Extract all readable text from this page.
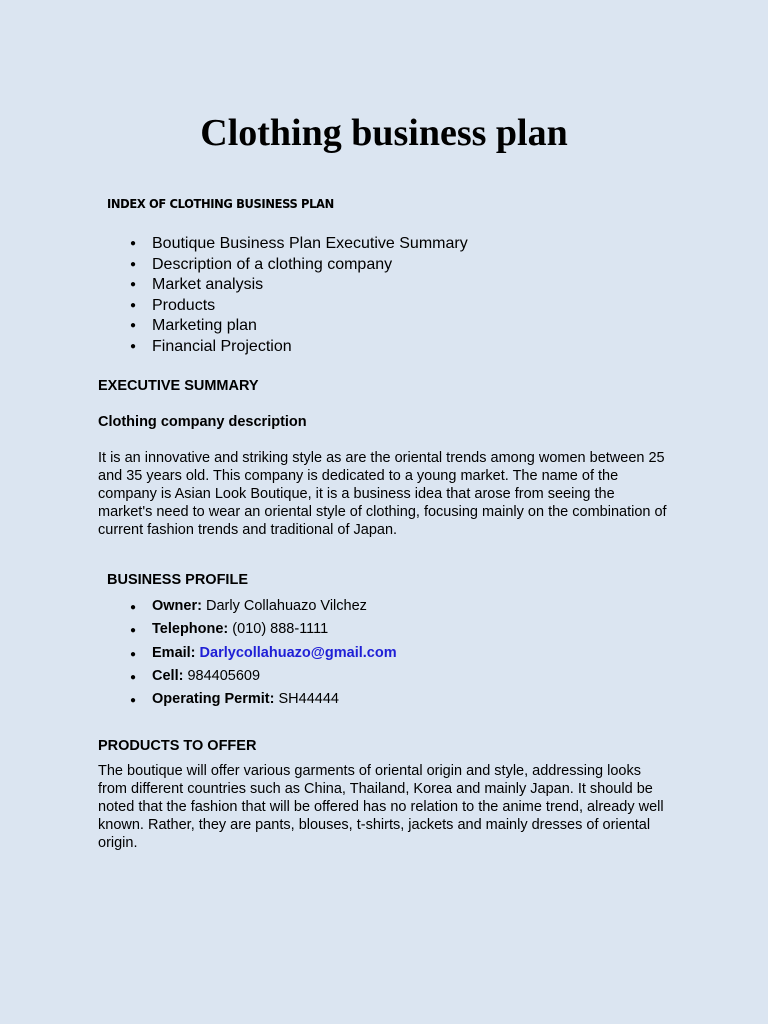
Clothing business plan
INDEX OF CLOTHING BUSINESS PLAN
● Boutique Business Plan Executive Summary
● Description of a clothing company
● Market analysis
● Products
● Marketing plan
● Financial Projection
EXECUTIVE SUMMARY
Clothing company description

It is an innovative and striking style as are the oriental trends among women between 25 and 35 years old. This company is dedicated to a young market. The name of the company is Asian Look Boutique, it is a business idea that arose from seeing the market's need to wear an oriental style of clothing, focusing mainly on the combination of current fashion trends and traditional of Japan.

BUSINESS PROFILE
● Owner: Darly Collahuazo Vilchez
● Telephone: (010) 888-1111
● Email: Darlycollahuazo@gmail.com
● Cell: 984405609
● Operating Permit: SH44444
PRODUCTS TO OFFER

The boutique will offer various garments of oriental origin and style, addressing looks from different countries such as China, Thailand, Korea and mainly Japan. It should be noted that the fashion that will be offered has no relation to the anime trend, already well known. Rather, they are pants, blouses, t-shirts, jackets and mainly dresses of oriental origin.
